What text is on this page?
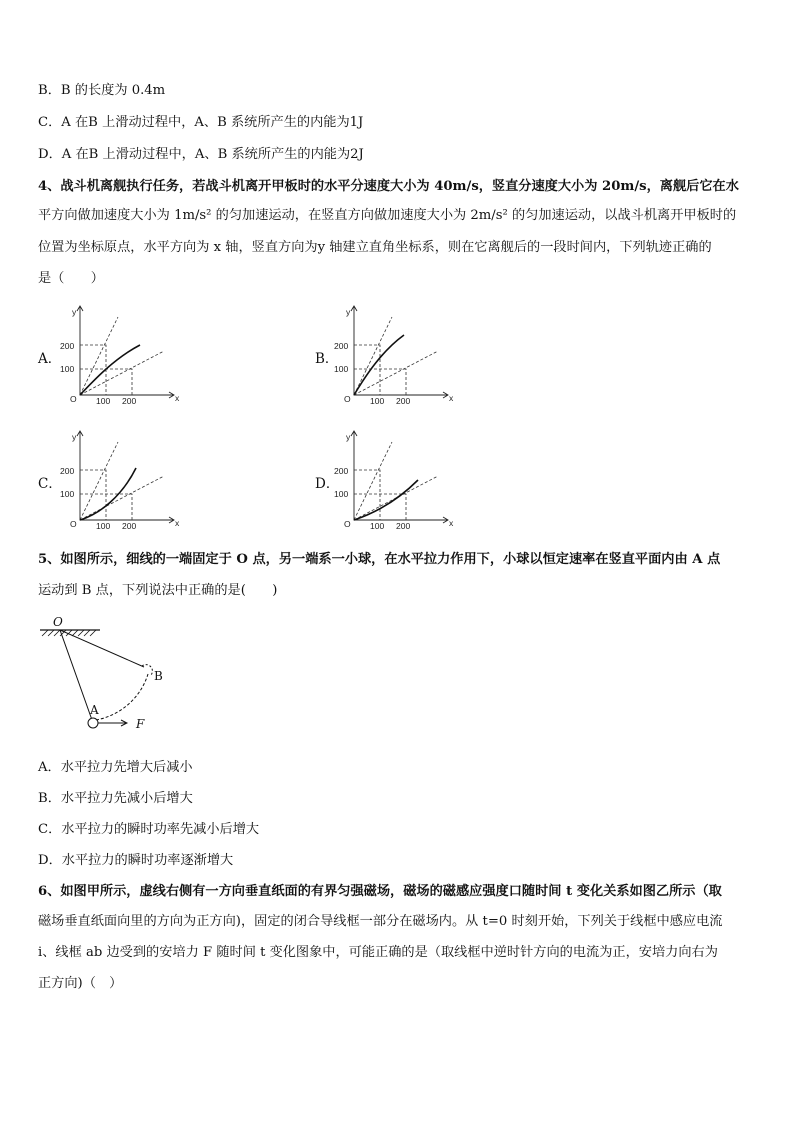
B．B 的长度为 0.4m
C．A 在B 上滑动过程中，A、B 系统所产生的内能为1J
D．A 在B 上滑动过程中，A、B 系统所产生的内能为2J
4、战斗机离舰执行任务，若战斗机离开甲板时的水平分速度大小为 40m/s，竖直分速度大小为 20m/s，离舰后它在水
平方向做加速度大小为 1m/s² 的匀加速运动，在竖直方向做加速度大小为 2m/s² 的匀加速运动，以战斗机离开甲板时的
位置为坐标原点，水平方向为 x 轴，竖直方向为y 轴建立直角坐标系，则在它离舰后的一段时间内，下列轨迹正确的
是（　　）
A．
y
x
O
200
100
100 200
B．
y
x
O
200
100
100 200
C．
y
x
O
200
100
100 200
D．
y
x
O
200
100
100 200
5、如图所示，细线的一端固定于 O 点，另一端系一小球，在水平拉力作用下，小球以恒定速率在竖直平面内由 A 点
运动到 B 点，下列说法中正确的是(　　)
O
B
A
F
A．水平拉力先增大后减小
B．水平拉力先减小后增大
C．水平拉力的瞬时功率先减小后增大
D．水平拉力的瞬时功率逐渐增大
6、如图甲所示，虚线右侧有一方向垂直纸面的有界匀强磁场，磁场的磁感应强度口随时间 t 变化关系如图乙所示（取
磁场垂直纸面向里的方向为正方向)，固定的闭合导线框一部分在磁场内。从 t=0 时刻开始，下列关于线框中感应电流
i、线框 ab 边受到的安培力 F 随时间 t 变化图象中，可能正确的是（取线框中逆时针方向的电流为正，安培力向右为
正方向)（　）
